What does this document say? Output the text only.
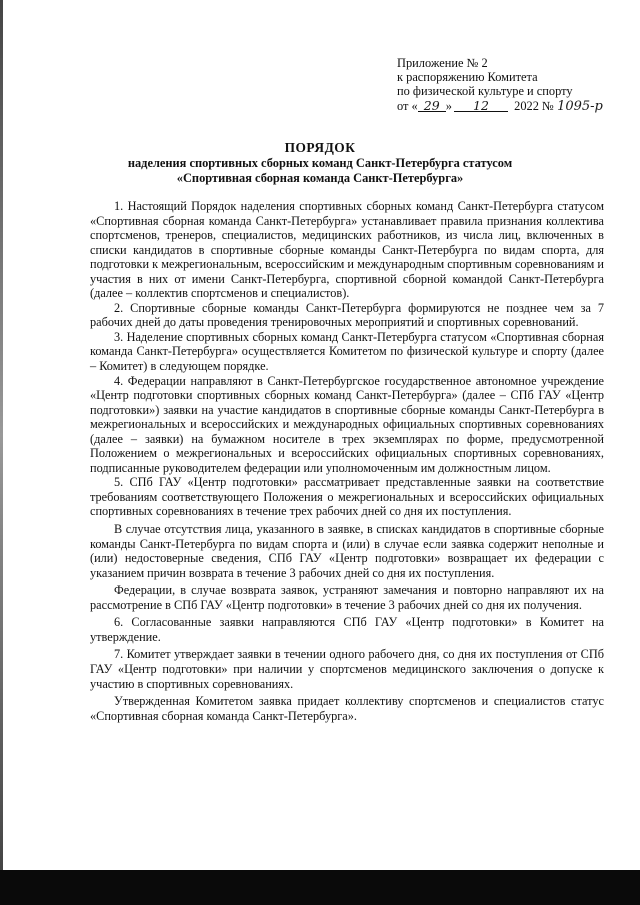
Приложение № 2
к распоряжению Комитета
по физической культуре и спорту
от « 29 » 12 2022 № 1095-р
ПОРЯДОК
наделения спортивных сборных команд Санкт-Петербурга статусом
«Спортивная сборная команда Санкт-Петербурга»

1. Настоящий Порядок наделения спортивных сборных команд Санкт-Петербурга статусом «Спортивная сборная команда Санкт-Петербурга» устанавливает правила признания коллектива спортсменов, тренеров, специалистов, медицинских работников, из числа лиц, включенных в списки кандидатов в спортивные сборные команды Санкт-Петербурга по видам спорта, для подготовки к межрегиональным, всероссийским и международным спортивным соревнованиям и участия в них от имени Санкт-Петербурга, спортивной сборной командой Санкт-Петербурга (далее – коллектив спортсменов и специалистов).

2. Спортивные сборные команды Санкт-Петербурга формируются не позднее чем за 7 рабочих дней до даты проведения тренировочных мероприятий и спортивных соревнований.

3. Наделение спортивных сборных команд Санкт-Петербурга статусом «Спортивная сборная команда Санкт-Петербурга» осуществляется Комитетом по физической культуре и спорту (далее – Комитет) в следующем порядке.

4. Федерации направляют в Санкт-Петербургское государственное автономное учреждение «Центр подготовки спортивных сборных команд Санкт-Петербурга» (далее – СПб ГАУ «Центр подготовки») заявки на участие кандидатов в спортивные сборные команды Санкт-Петербурга в межрегиональных и всероссийских и международных официальных спортивных соревнованиях (далее – заявки) на бумажном носителе в трех экземплярах по форме, предусмотренной Положением о межрегиональных и всероссийских официальных спортивных соревнованиях, подписанные руководителем федерации или уполномоченным им должностным лицом.

5. СПб ГАУ «Центр подготовки» рассматривает представленные заявки на соответствие требованиям соответствующего Положения о межрегиональных и всероссийских официальных спортивных соревнованиях в течение трех рабочих дней со дня их поступления.

В случае отсутствия лица, указанного в заявке, в списках кандидатов в спортивные сборные команды Санкт-Петербурга по видам спорта и (или) в случае если заявка содержит неполные и (или) недостоверные сведения, СПб ГАУ «Центр подготовки» возвращает их федерации с указанием причин возврата в течение 3 рабочих дней со дня их поступления.

Федерации, в случае возврата заявок, устраняют замечания и повторно направляют их на рассмотрение в СПб ГАУ «Центр подготовки» в течение 3 рабочих дней со дня их получения.

6. Согласованные заявки направляются СПб ГАУ «Центр подготовки» в Комитет на утверждение.

7. Комитет утверждает заявки в течении одного рабочего дня, со дня их поступления от СПб ГАУ «Центр подготовки» при наличии у спортсменов медицинского заключения о допуске к участию в спортивных соревнованиях.

Утвержденная Комитетом заявка придает коллективу спортсменов и специалистов статус «Спортивная сборная команда Санкт-Петербурга».
